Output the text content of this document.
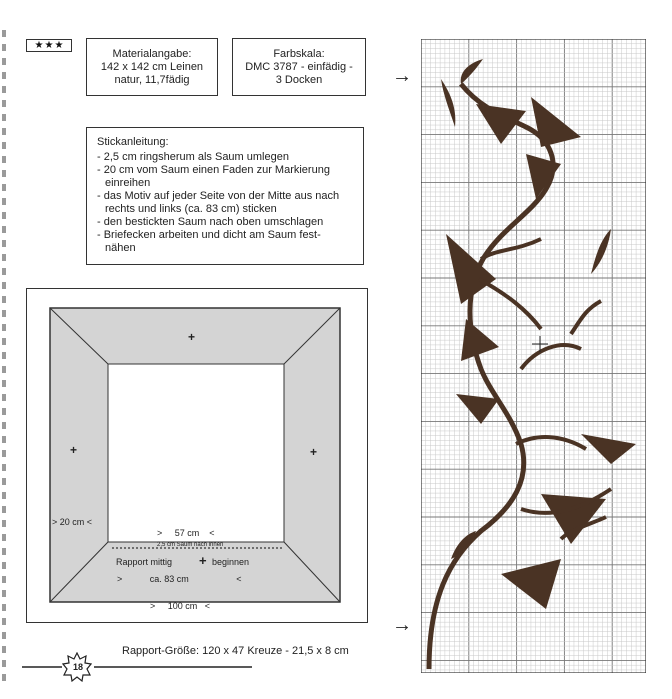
★ ★ ★
Materialangabe:
142 x 142 cm Leinen
natur, 11,7fädig
Farbskala:
DMC 3787 - einfädig -
3 Docken
Stickanleitung:
- 2,5 cm ringsherum als Saum umlegen
- 20 cm vom Saum einen Faden zur Markierung einreihen
- das Motiv auf jeder Seite von der Mitte aus nach rechts und links (ca. 83 cm) sticken
- den bestickten Saum nach oben umschlagen
- Briefecken arbeiten und dicht am Saum fest- nähen
+
+	+
+
> 20 cm <
>     57 cm    <
2,5 cm Saum nach innen
Rapport mittig	beginnen
>           ca. 83 cm                   <
>     100 cm   <
18
Rapport-Größe: 120 x 47 Kreuze - 21,5 x 8 cm
→
→
